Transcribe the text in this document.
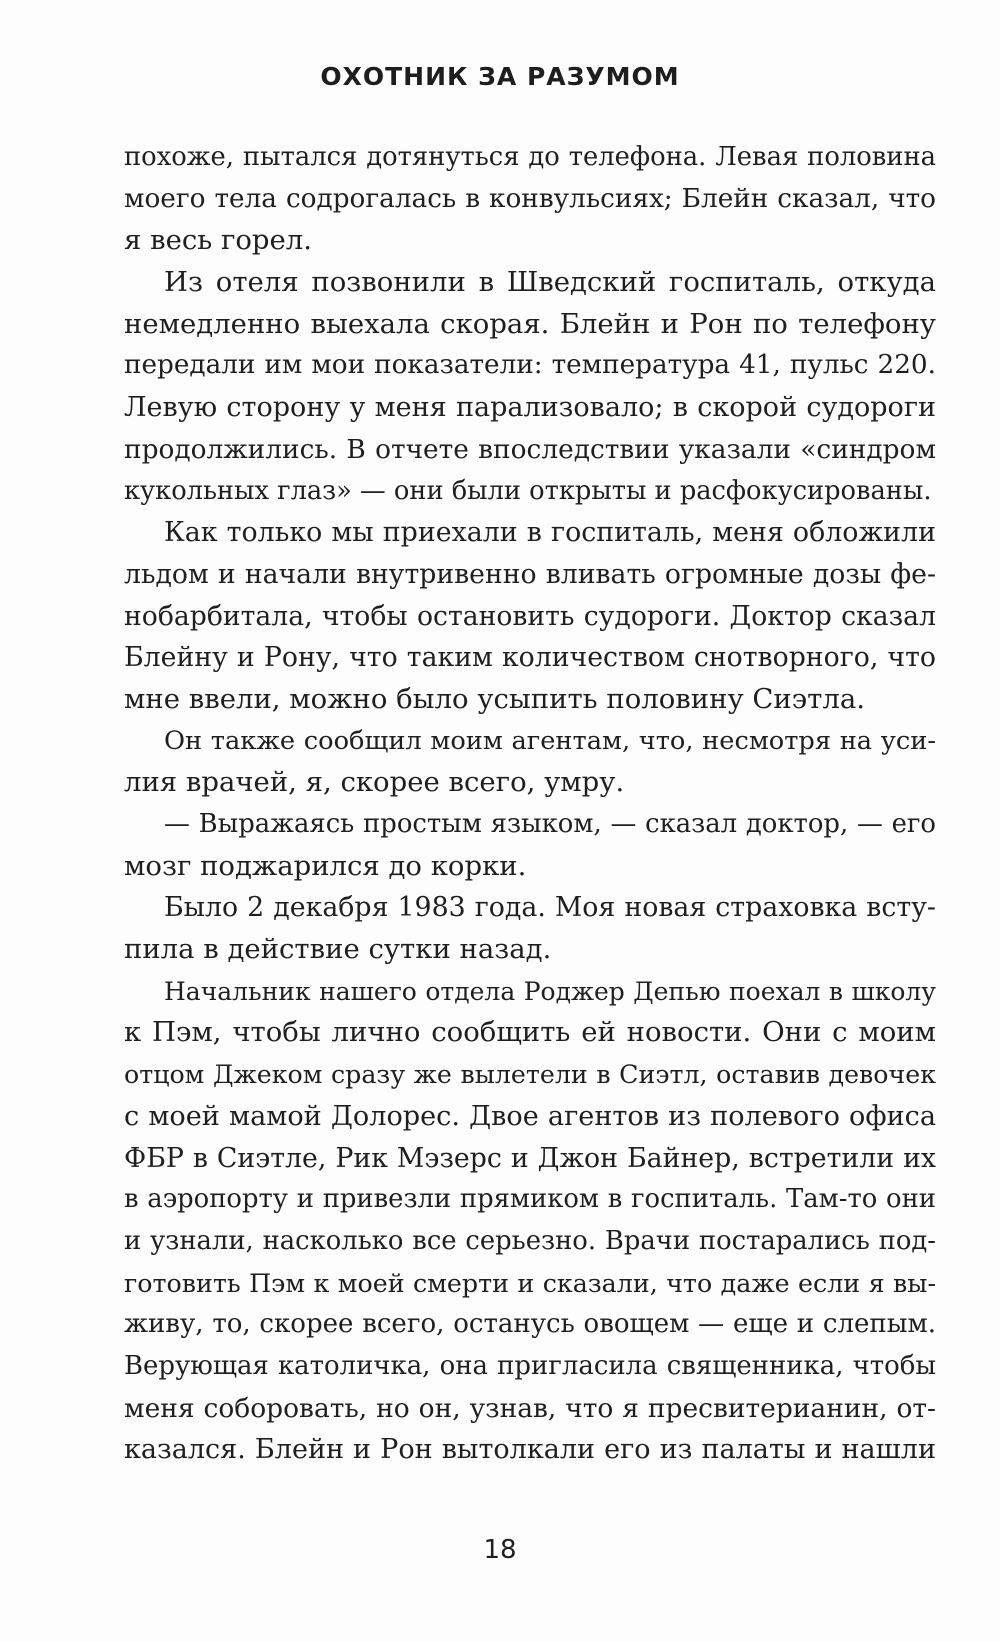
ОХОТНИК ЗА РАЗУМОМ
похоже, пытался дотянуться до телефона. Левая половина
моего тела содрогалась в конвульсиях; Блейн сказал, что
я весь горел.
Из отеля позвонили в Шведский госпиталь, откуда
немедленно выехала скорая. Блейн и Рон по телефону
передали им мои показатели: температура 41, пульс 220.
Левую сторону у меня парализовало; в скорой судороги
продолжились. В отчете впоследствии указали «синдром
кукольных глаз» — они были открыты и расфокусированы.
Как только мы приехали в госпиталь, меня обложили
льдом и начали внутривенно вливать огромные дозы фе-
нобарбитала, чтобы остановить судороги. Доктор сказал
Блейну и Рону, что таким количеством снотворного, что
мне ввели, можно было усыпить половину Сиэтла.
Он также сообщил моим агентам, что, несмотря на уси-
лия врачей, я, скорее всего, умру.
— Выражаясь простым языком, — сказал доктор, — его
мозг поджарился до корки.
Было 2 декабря 1983 года. Моя новая страховка всту-
пила в действие сутки назад.
Начальник нашего отдела Роджер Депью поехал в школу
к Пэм, чтобы лично сообщить ей новости. Они с моим
отцом Джеком сразу же вылетели в Сиэтл, оставив девочек
с моей мамой Долорес. Двое агентов из полевого офиса
ФБР в Сиэтле, Рик Мэзерс и Джон Байнер, встретили их
в аэропорту и привезли прямиком в госпиталь. Там-то они
и узнали, насколько все серьезно. Врачи постарались под-
готовить Пэм к моей смерти и сказали, что даже если я вы-
живу, то, скорее всего, останусь овощем — еще и слепым.
Верующая католичка, она пригласила священника, чтобы
меня соборовать, но он, узнав, что я пресвитерианин, от-
казался. Блейн и Рон вытолкали его из палаты и нашли
18
